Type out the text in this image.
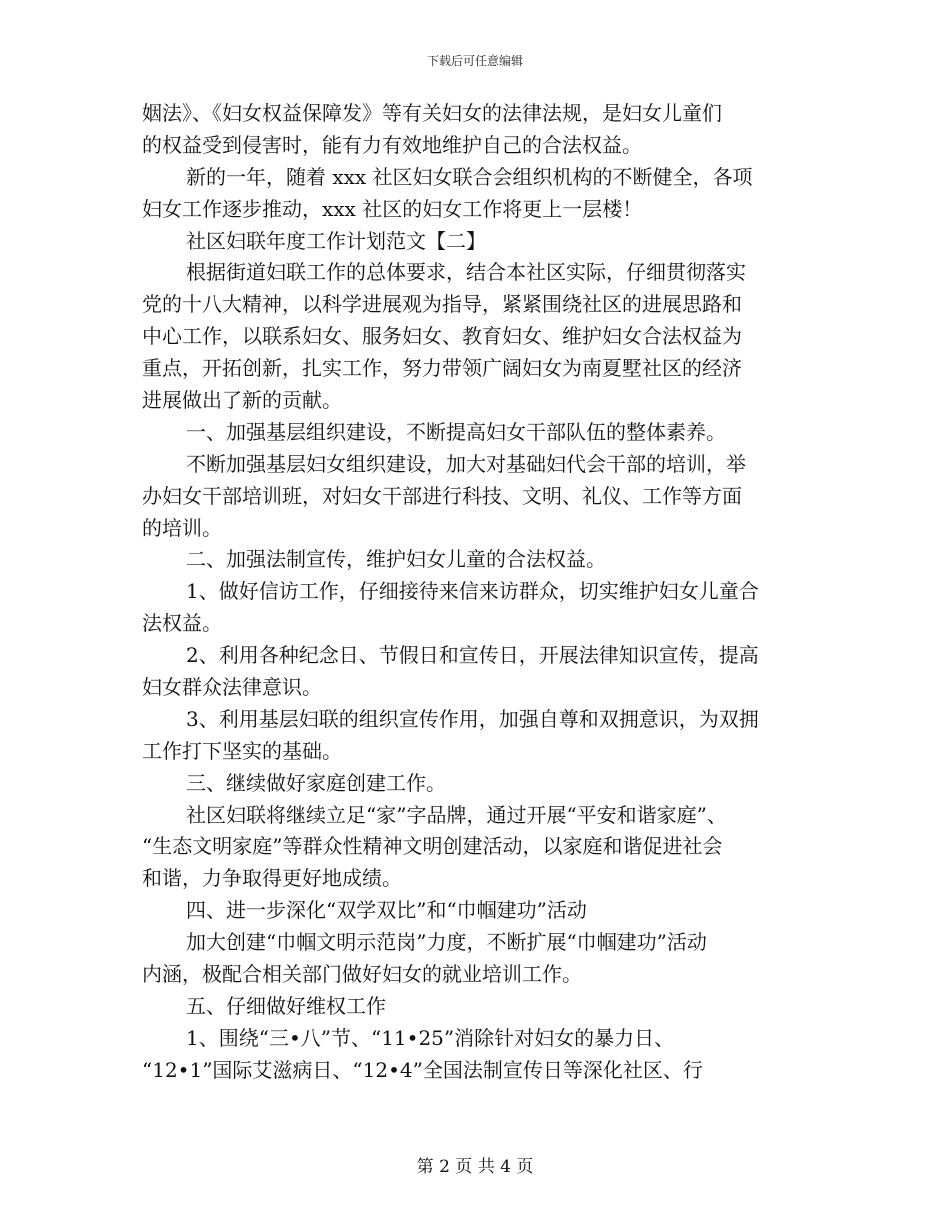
下载后可任意编辑
姻法》、《妇女权益保障发》等有关妇女的法律法规，是妇女儿童们
的权益受到侵害时，能有力有效地维护自己的合法权益。
新的一年，随着 xxx 社区妇女联合会组织机构的不断健全，各项
妇女工作逐步推动，xxx 社区的妇女工作将更上一层楼！
社区妇联年度工作计划范文【二】
根据街道妇联工作的总体要求，结合本社区实际，仔细贯彻落实
党的十八大精神，以科学进展观为指导，紧紧围绕社区的进展思路和
中心工作，以联系妇女、服务妇女、教育妇女、维护妇女合法权益为
重点，开拓创新，扎实工作，努力带领广阔妇女为南夏墅社区的经济
进展做出了新的贡献。
一、加强基层组织建设，不断提高妇女干部队伍的整体素养。
不断加强基层妇女组织建设，加大对基础妇代会干部的培训，举
办妇女干部培训班，对妇女干部进行科技、文明、礼仪、工作等方面
的培训。
二、加强法制宣传，维护妇女儿童的合法权益。
1、做好信访工作，仔细接待来信来访群众，切实维护妇女儿童合
法权益。
2、利用各种纪念日、节假日和宣传日，开展法律知识宣传，提高
妇女群众法律意识。
3、利用基层妇联的组织宣传作用，加强自尊和双拥意识，为双拥
工作打下坚实的基础。
三、继续做好家庭创建工作。
社区妇联将继续立足“家”字品牌，通过开展“平安和谐家庭”、
“生态文明家庭”等群众性精神文明创建活动，以家庭和谐促进社会
和谐，力争取得更好地成绩。
四、进一步深化“双学双比”和“巾帼建功”活动
加大创建“巾帼文明示范岗”力度，不断扩展“巾帼建功”活动
内涵，极配合相关部门做好妇女的就业培训工作。
五、仔细做好维权工作
1、围绕“三•八”节、“11•25”消除针对妇女的暴力日、
“12•1”国际艾滋病日、“12•4”全国法制宣传日等深化社区、行
第 2 页 共 4 页
